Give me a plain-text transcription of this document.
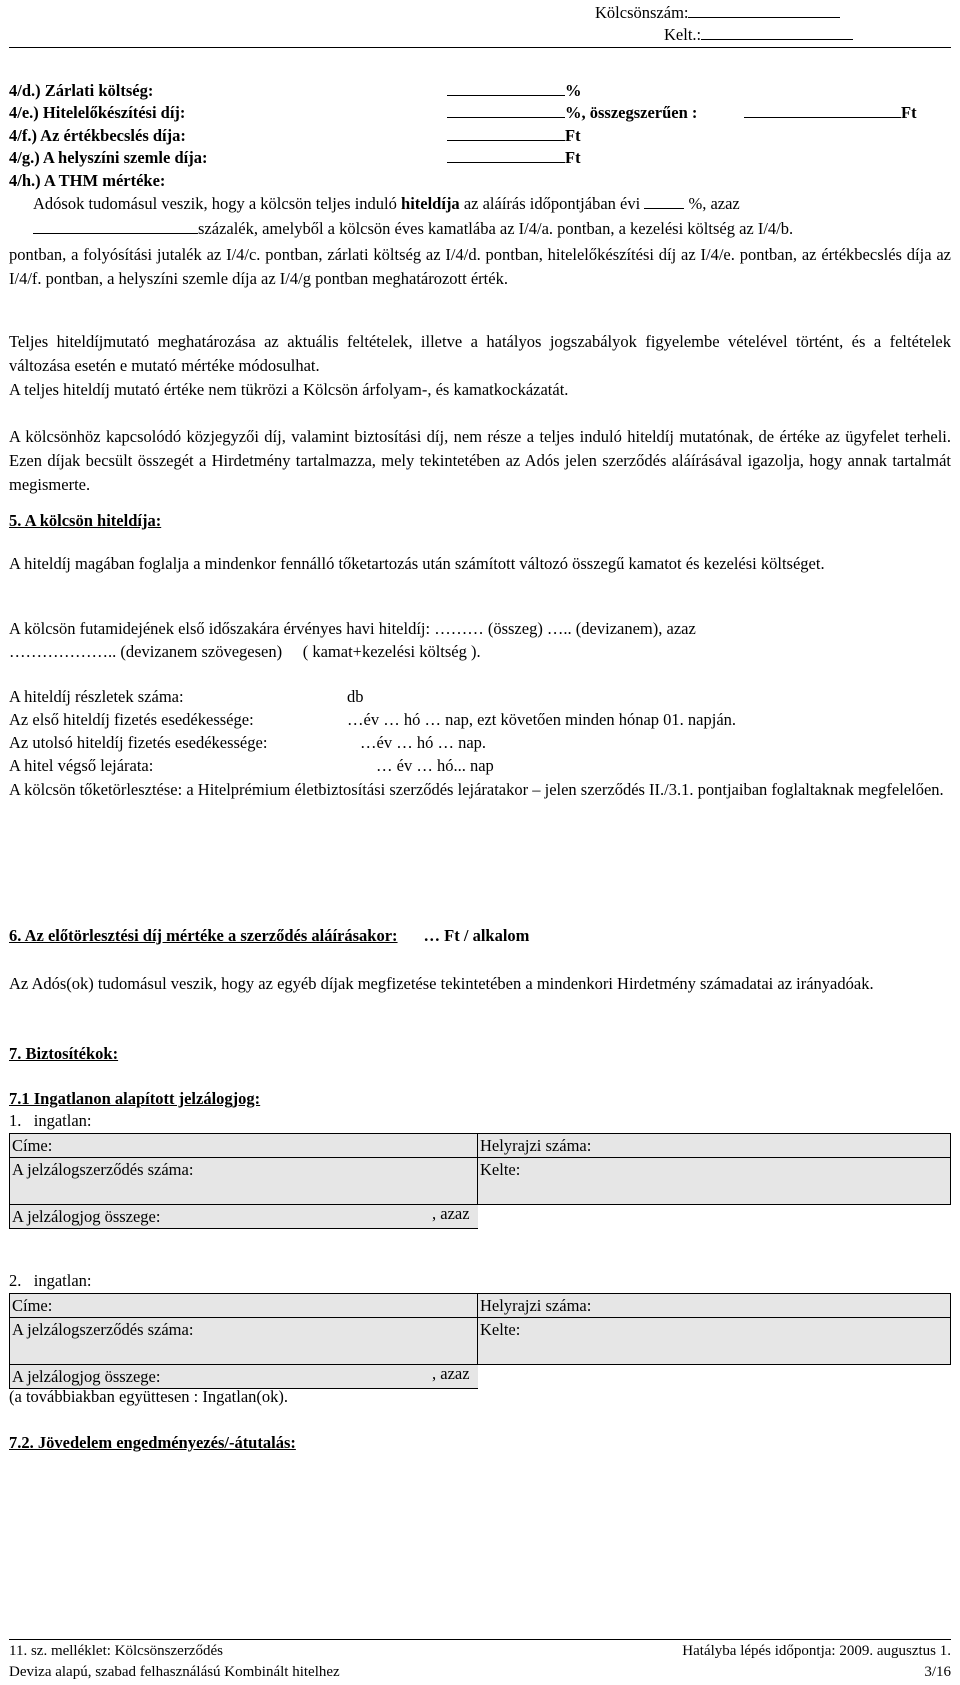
Kölcsönszám:
Kelt.:
4/d.) Zárlati költség:	%
4/e.) Hitelelőkészítési díj:	%, összegszerűen :	Ft
4/f.) Az értékbecslés díja:	Ft
4/g.) A helyszíni szemle díja:	Ft
4/h.) A THM mértéke:
Adósok tudomásul veszik, hogy a kölcsön teljes induló hiteldíja az aláírás időpontjában évi	%, azaz
százalék, amelyből a kölcsön éves kamatlába az I/4/a. pontban, a kezelési költség az I/4/b.
pontban, a folyósítási jutalék az I/4/c. pontban, zárlati költség az I/4/d. pontban, hitelelőkészítési díj az I/4/e. pontban, az értékbecslés díja az I/4/f. pontban, a helyszíni szemle díja az I/4/g pontban meghatározott érték.
Teljes hiteldíjmutató meghatározása az aktuális feltételek, illetve a hatályos jogszabályok figyelembe vételével történt, és a feltételek változása esetén e mutató mértéke módosulhat.
A teljes hiteldíj mutató értéke nem tükrözi a Kölcsön árfolyam-, és kamatkockázatát.
A kölcsönhöz kapcsolódó közjegyzői díj, valamint biztosítási díj, nem része a teljes induló hiteldíj mutatónak, de értéke az ügyfelet terheli. Ezen díjak becsült összegét a Hirdetmény tartalmazza, mely tekintetében az Adós jelen szerződés aláírásával igazolja, hogy annak tartalmát megismerte.
5. A kölcsön hiteldíja:
A hiteldíj magában foglalja a mindenkor fennálló tőketartozás után számított változó összegű kamatot és kezelési költséget.
A kölcsön futamidejének első időszakára érvényes havi hiteldíj: ……… (összeg) ….. (devizanem), azaz
……………….. (devizanem szövegesen)     ( kamat+kezelési költség ).
A hiteldíj részletek száma:	db
Az első hiteldíj fizetés esedékessége:	…év … hó … nap, ezt követően minden hónap 01. napján.
Az utolsó hiteldíj fizetés esedékessége:	…év … hó … nap.
A hitel végső lejárata:	… év … hó... nap
A kölcsön tőketörlesztése: a Hitelprémium életbiztosítási szerződés lejáratakor – jelen szerződés II./3.1. pontjaiban foglaltaknak megfelelően.
6. Az előtörlesztési díj mértéke a szerződés aláírásakor: … Ft / alkalom
Az Adós(ok) tudomásul veszik, hogy az egyéb díjak megfizetése tekintetében a mindenkori Hirdetmény számadatai az irányadóak.
7. Biztosítékok:
7.1 Ingatlanon alapított jelzálogjog:
1.   ingatlan:
Címe:	Helyrajzi száma:

A jelzálogszerződés száma:	Kelte:
A jelzálogjog összege:		, azaz
2.   ingatlan:
Címe:	Helyrajzi száma:

A jelzálogszerződés száma:	Kelte:
A jelzálogjog összege:		, azaz
(a továbbiakban együttesen : Ingatlan(ok).
7.2. Jövedelem engedményezés/-átutalás:
11. sz. melléklet: Kölcsönszerződés	Hatályba lépés időpontja: 2009. augusztus 1.
Deviza alapú, szabad felhasználású Kombinált hitelhez	3/16
